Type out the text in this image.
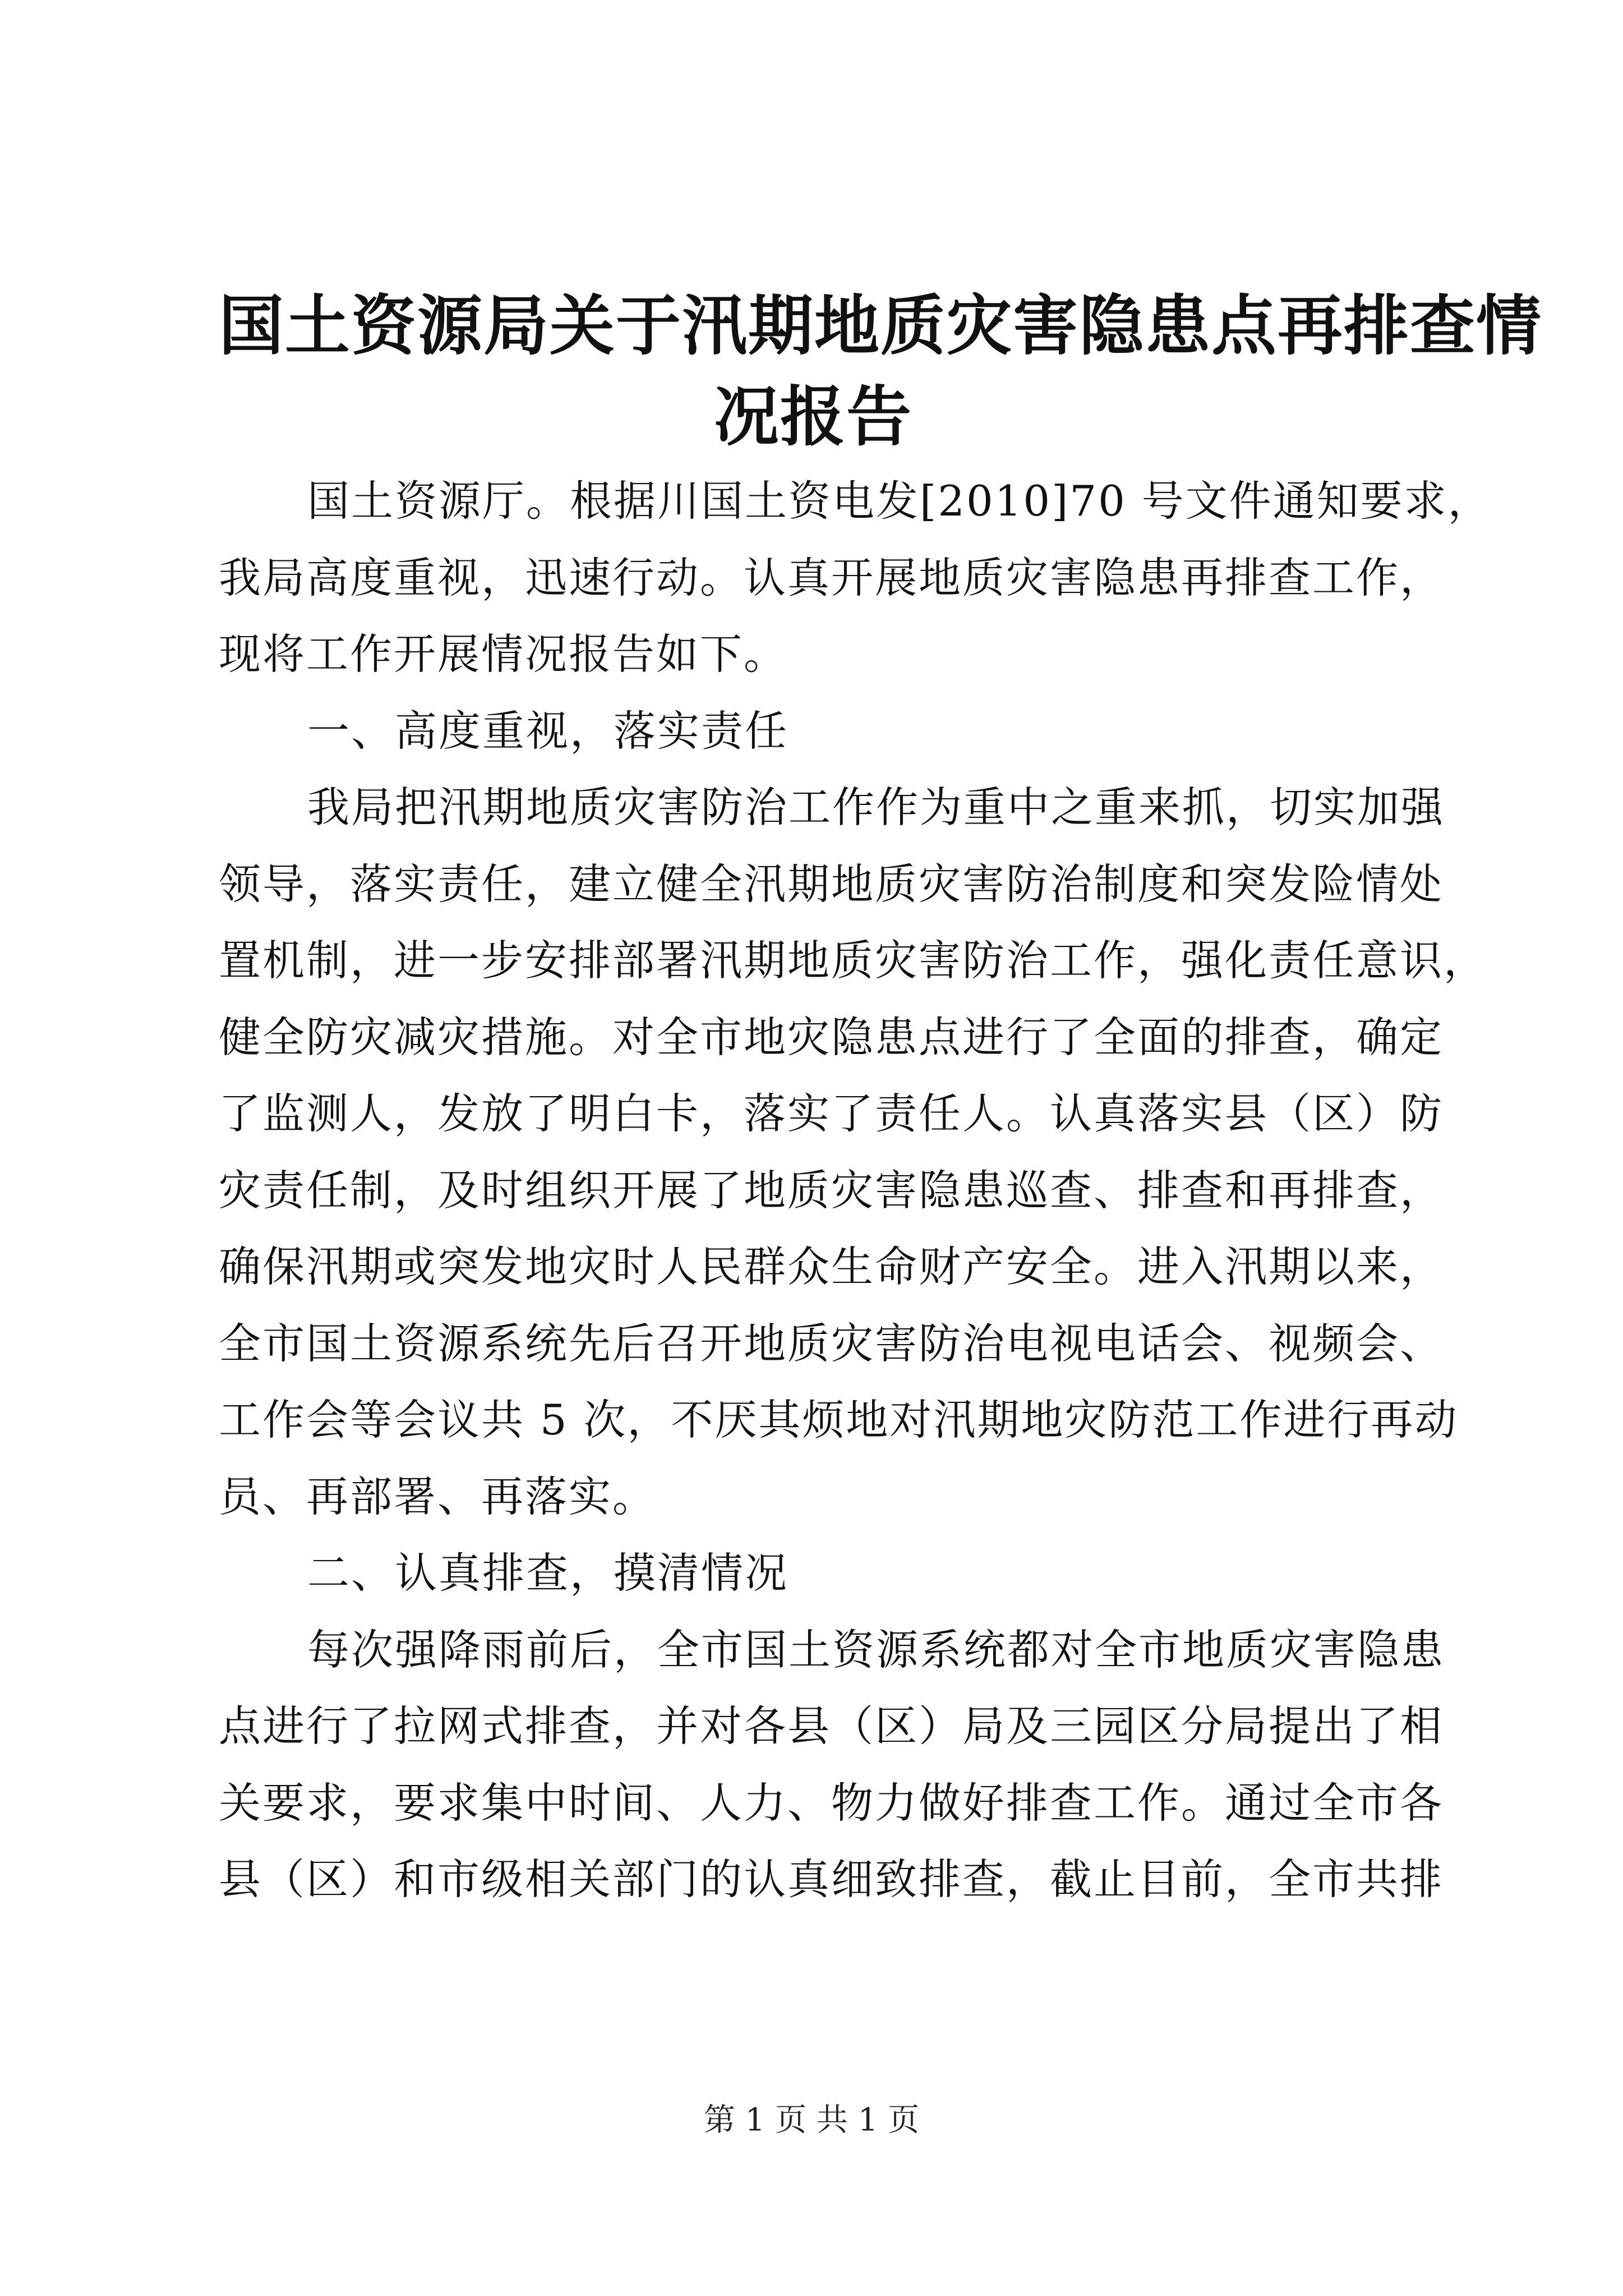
国土资源局关于汛期地质灾害隐患点再排查情
况报告
国土资源厅。根据川国土资电发[2010]70 号文件通知要求，
我局高度重视，迅速行动。认真开展地质灾害隐患再排查工作，
现将工作开展情况报告如下。
一、高度重视，落实责任
我局把汛期地质灾害防治工作作为重中之重来抓，切实加强
领导，落实责任，建立健全汛期地质灾害防治制度和突发险情处
置机制，进一步安排部署汛期地质灾害防治工作，强化责任意识，
健全防灾减灾措施。对全市地灾隐患点进行了全面的排查，确定
了监测人，发放了明白卡，落实了责任人。认真落实县（区）防
灾责任制，及时组织开展了地质灾害隐患巡查、排查和再排查，
确保汛期或突发地灾时人民群众生命财产安全。进入汛期以来，
全市国土资源系统先后召开地质灾害防治电视电话会、视频会、
工作会等会议共 5 次，不厌其烦地对汛期地灾防范工作进行再动
员、再部署、再落实。
二、认真排查，摸清情况
每次强降雨前后，全市国土资源系统都对全市地质灾害隐患
点进行了拉网式排查，并对各县（区）局及三园区分局提出了相
关要求，要求集中时间、人力、物力做好排查工作。通过全市各
县（区）和市级相关部门的认真细致排查，截止目前，全市共排
第 1 页 共 1 页
